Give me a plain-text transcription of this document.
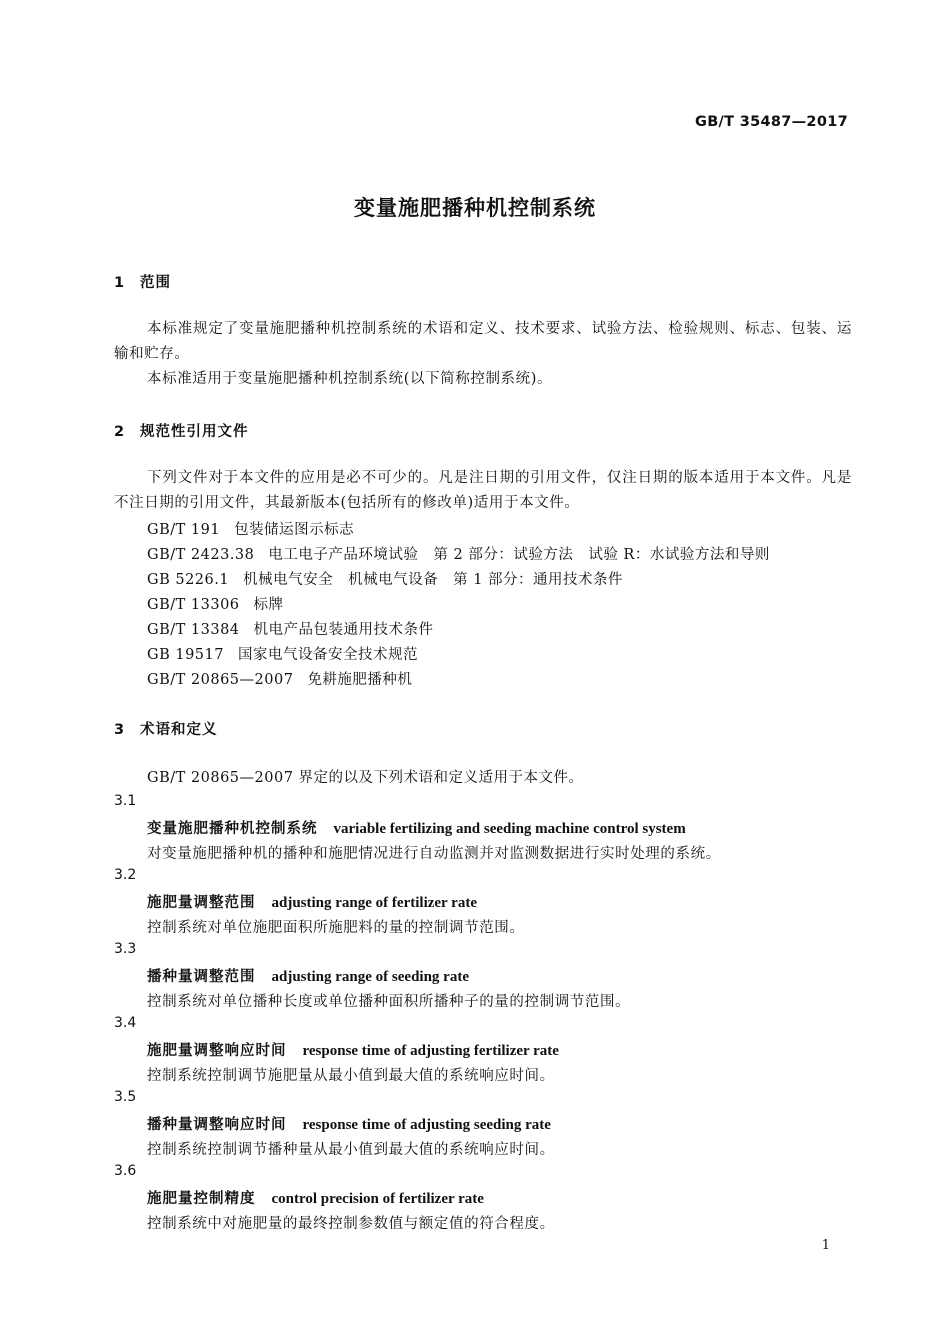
GB/T 35487—2017
变量施肥播种机控制系统
1 范围
本标准规定了变量施肥播种机控制系统的术语和定义、技术要求、试验方法、检验规则、标志、包装、运输和贮存。
本标准适用于变量施肥播种机控制系统(以下简称控制系统)。
2 规范性引用文件
下列文件对于本文件的应用是必不可少的。凡是注日期的引用文件，仅注日期的版本适用于本文件。凡是不注日期的引用文件，其最新版本(包括所有的修改单)适用于本文件。
GB/T 191 包装储运图示标志
GB/T 2423.38 电工电子产品环境试验　第 2 部分：试验方法　试验 R：水试验方法和导则
GB 5226.1 机械电气安全　机械电气设备　第 1 部分：通用技术条件
GB/T 13306 标牌
GB/T 13384 机电产品包装通用技术条件
GB 19517 国家电气设备安全技术规范
GB/T 20865—2007 免耕施肥播种机
3 术语和定义
GB/T 20865—2007 界定的以及下列术语和定义适用于本文件。
3.1
变量施肥播种机控制系统 variable fertilizing and seeding machine control system
对变量施肥播种机的播种和施肥情况进行自动监测并对监测数据进行实时处理的系统。
3.2
施肥量调整范围 adjusting range of fertilizer rate
控制系统对单位施肥面积所施肥料的量的控制调节范围。
3.3
播种量调整范围 adjusting range of seeding rate
控制系统对单位播种长度或单位播种面积所播种子的量的控制调节范围。
3.4
施肥量调整响应时间 response time of adjusting fertilizer rate
控制系统控制调节施肥量从最小值到最大值的系统响应时间。
3.5
播种量调整响应时间 response time of adjusting seeding rate
控制系统控制调节播种量从最小值到最大值的系统响应时间。
3.6
施肥量控制精度 control precision of fertilizer rate
控制系统中对施肥量的最终控制参数值与额定值的符合程度。
1
